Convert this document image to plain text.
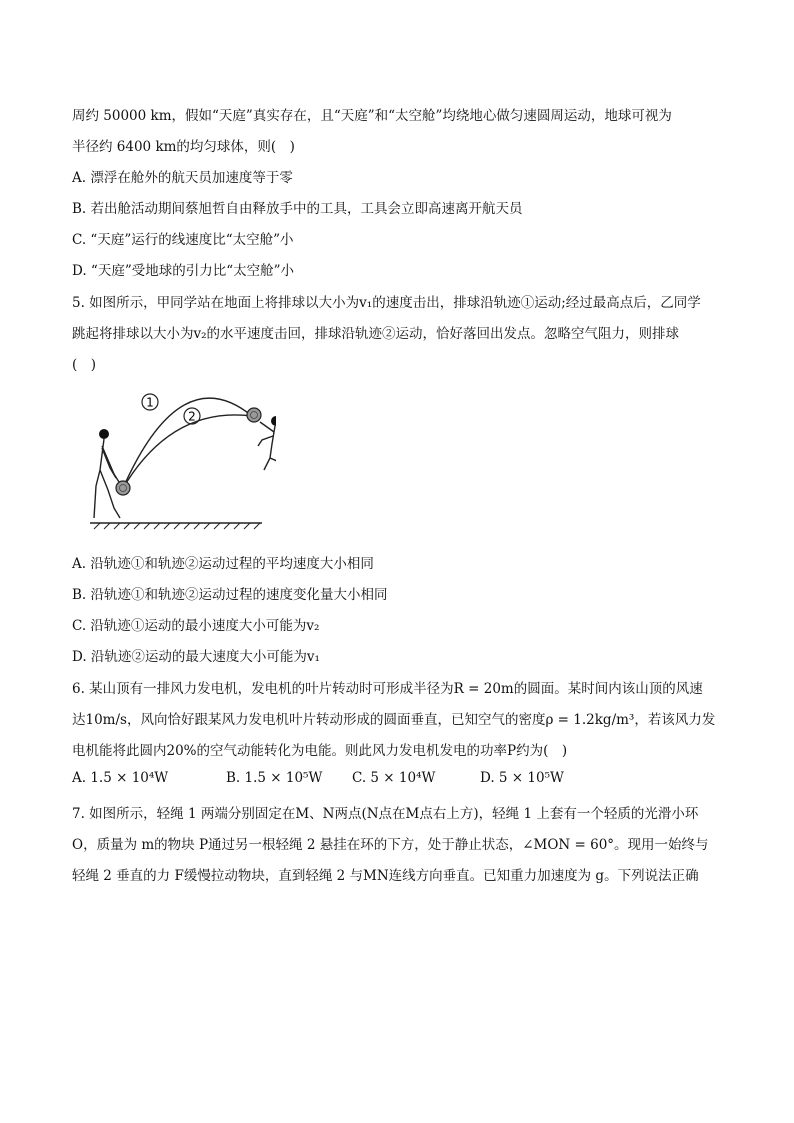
周约 50000 km，假如“天庭”真实存在，且“天庭”和“太空舱”均绕地心做匀速圆周运动，地球可视为
半径约 6400 km的均匀球体，则(　)
A. 漂浮在舱外的航天员加速度等于零
B. 若出舱活动期间蔡旭哲自由释放手中的工具，工具会立即高速离开航天员
C. “天庭”运行的线速度比“太空舱”小
D. “天庭”受地球的引力比“太空舱”小
5. 如图所示，甲同学站在地面上将排球以大小为v₁的速度击出，排球沿轨迹①运动;经过最高点后，乙同学
跳起将排球以大小为v₂的水平速度击回，排球沿轨迹②运动，恰好落回出发点。忽略空气阻力，则排球
(　)
1
2
A. 沿轨迹①和轨迹②运动过程的平均速度大小相同
B. 沿轨迹①和轨迹②运动过程的速度变化量大小相同
C. 沿轨迹①运动的最小速度大小可能为v₂
D. 沿轨迹②运动的最大速度大小可能为v₁
6. 某山顶有一排风力发电机，发电机的叶片转动时可形成半径为R = 20m的圆面。某时间内该山顶的风速
达10m/s，风向恰好跟某风力发电机叶片转动形成的圆面垂直，已知空气的密度ρ = 1.2kg/m³，若该风力发
电机能将此圆内20%的空气动能转化为电能。则此风力发电机发电的功率P约为(　)
A. 1.5 × 10⁴W	B. 1.5 × 10⁵W C. 5 × 10⁴W	D. 5 × 10⁵W
7. 如图所示，轻绳 1 两端分别固定在M、N两点(N点在M点右上方)，轻绳 1 上套有一个轻质的光滑小环
O，质量为 m的物块 P通过另一根轻绳 2 悬挂在环的下方，处于静止状态，∠MON = 60°。现用一始终与
轻绳 2 垂直的力 F缓慢拉动物块，直到轻绳 2 与MN连线方向垂直。已知重力加速度为 g。下列说法正确
